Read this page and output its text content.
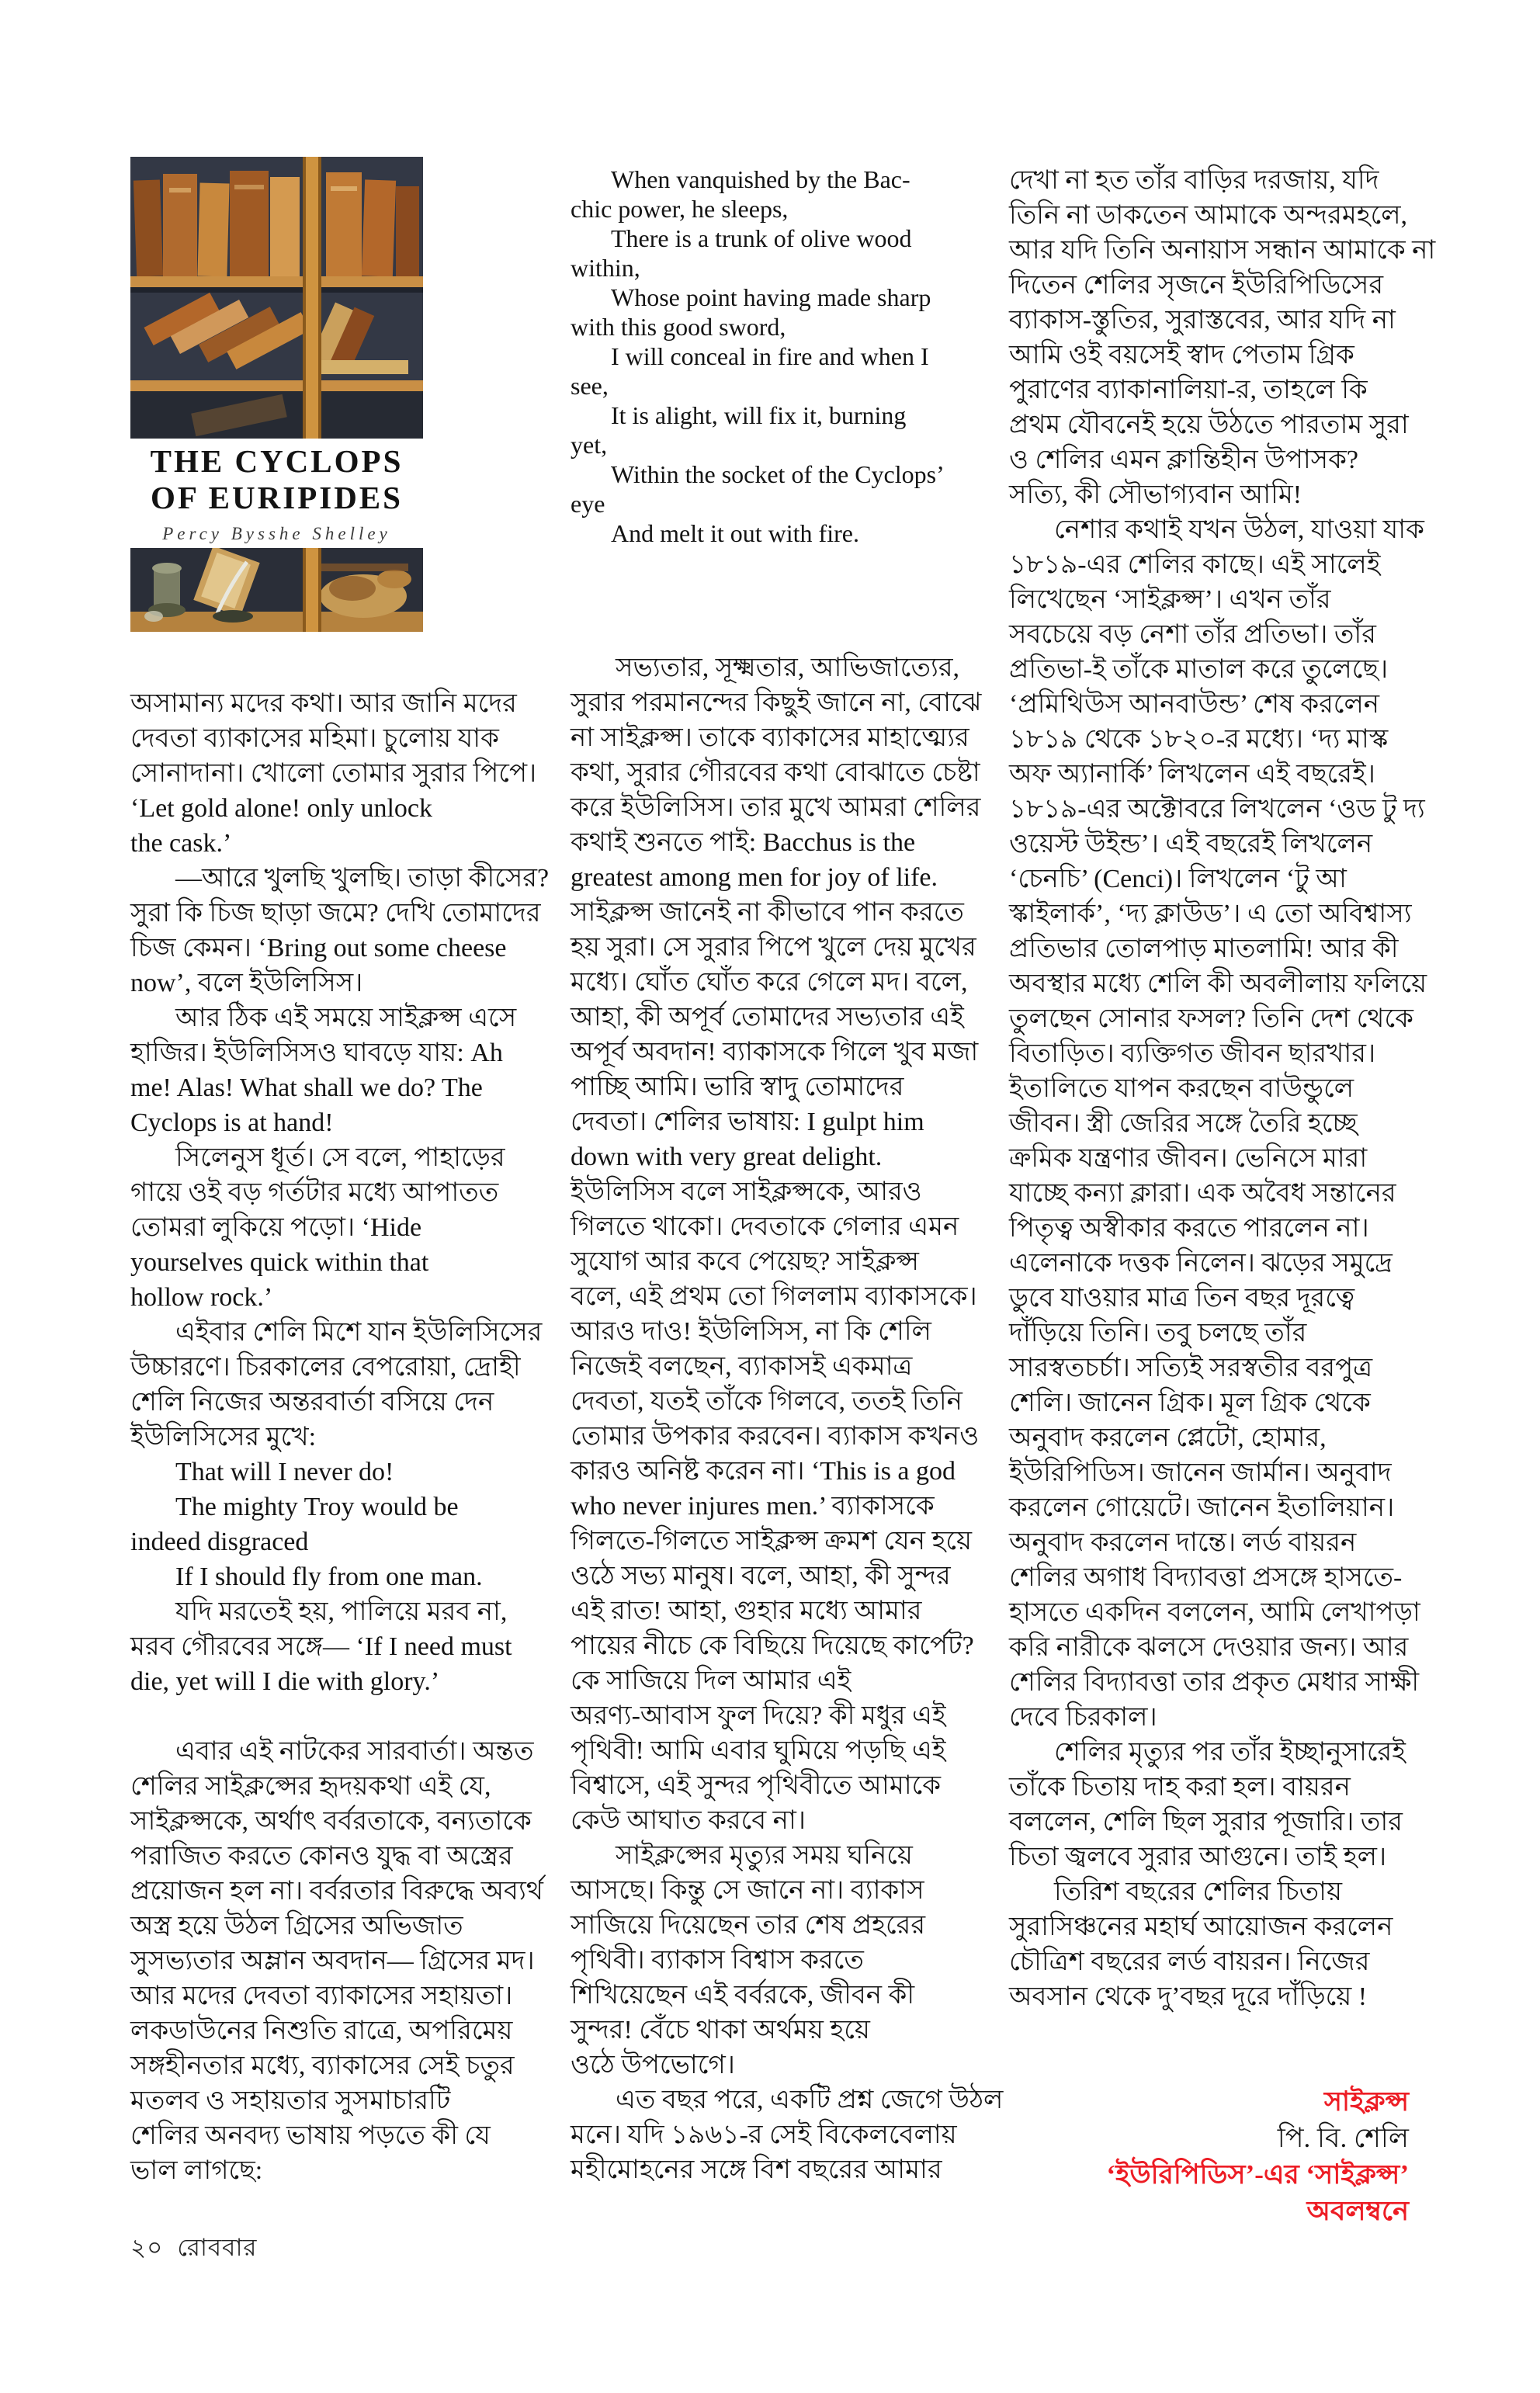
THE CYCLOPS
OF EURIPIDES
Percy Bysshe Shelley
অসামান্য মদের কথা। আর জানি মদের
দেবতা ব্যাকাসের মহিমা। চুলোয় যাক
সোনাদানা। খোলো তোমার সুরার পিপে।
‘Let gold alone! only unlock
the cask.’
—আরে খুলছি খুলছি। তাড়া কীসের?
সুরা কি চিজ ছাড়া জমে? দেখি তোমাদের
চিজ কেমন। ‘Bring out some cheese
now’, বলে ইউলিসিস।
আর ঠিক এই সময়ে সাইক্লপ্স এসে
হাজির। ইউলিসিসও ঘাবড়ে যায়: Ah
me! Alas! What shall we do? The
Cyclops is at hand!
সিলেনুস ধূর্ত। সে বলে, পাহাড়ের
গায়ে ওই বড় গর্তটার মধ্যে আপাতত
তোমরা লুকিয়ে পড়ো। ‘Hide
yourselves quick within that
hollow rock.’
এইবার শেলি মিশে যান ইউলিসিসের
উচ্চারণে। চিরকালের বেপরোয়া, দ্রোহী
শেলি নিজের অন্তরবার্তা বসিয়ে দেন
ইউলিসিসের মুখে:
That will I never do!
The mighty Troy would be
indeed disgraced
If I should fly from one man.
যদি মরতেই হয়, পালিয়ে মরব না,
মরব গৌরবের সঙ্গে— ‘If I need must
die, yet will I die with glory.’

এবার এই নাটকের সারবার্তা। অন্তত
শেলির সাইক্লপ্সের হৃদয়কথা এই যে,
সাইক্লপ্সকে, অর্থাৎ বর্বরতাকে, বন্যতাকে
পরাজিত করতে কোনও যুদ্ধ বা অস্ত্রের
প্রয়োজন হল না। বর্বরতার বিরুদ্ধে অব্যর্থ
অস্ত্র হয়ে উঠল গ্রিসের অভিজাত
সুসভ্যতার অম্লান অবদান— গ্রিসের মদ।
আর মদের দেবতা ব্যাকাসের সহায়তা।
লকডাউনের নিশুতি রাত্রে, অপরিমেয়
সঙ্গহীনতার মধ্যে, ব্যাকাসের সেই চতুর
মতলব ও সহায়তার সুসমাচারটি
শেলির অনবদ্য ভাষায় পড়তে কী যে
ভাল লাগছে:
When vanquished by the Bac-
chic power, he sleeps,
There is a trunk of olive wood
within,
Whose point having made sharp
with this good sword,
I will conceal in fire and when I
see,
It is alight, will fix it, burning
yet,
Within the socket of the Cyclops’
eye
And melt it out with fire.
সভ্যতার, সূক্ষ্মতার, আভিজাত্যের,
সুরার পরমানন্দের কিছুই জানে না, বোঝে
না সাইক্লপ্স। তাকে ব্যাকাসের মাহাত্ম্যের
কথা, সুরার গৌরবের কথা বোঝাতে চেষ্টা
করে ইউলিসিস। তার মুখে আমরা শেলির
কথাই শুনতে পাই: Bacchus is the
greatest among men for joy of life.
সাইক্লপ্স জানেই না কীভাবে পান করতে
হয় সুরা। সে সুরার পিপে খুলে দেয় মুখের
মধ্যে। ঘোঁত ঘোঁত করে গেলে মদ। বলে,
আহা, কী অপূর্ব তোমাদের সভ্যতার এই
অপূর্ব অবদান! ব্যাকাসকে গিলে খুব মজা
পাচ্ছি আমি। ভারি স্বাদু তোমাদের
দেবতা। শেলির ভাষায়: I gulpt him
down with very great delight.
ইউলিসিস বলে সাইক্লপ্সকে, আরও
গিলতে থাকো। দেবতাকে গেলার এমন
সুযোগ আর কবে পেয়েছ? সাইক্লপ্স
বলে, এই প্রথম তো গিললাম ব্যাকাসকে।
আরও দাও! ইউলিসিস, না কি শেলি
নিজেই বলছেন, ব্যাকাসই একমাত্র
দেবতা, যতই তাঁকে গিলবে, ততই তিনি
তোমার উপকার করবেন। ব্যাকাস কখনও
কারও অনিষ্ট করেন না। ‘This is a god
who never injures men.’ ব্যাকাসকে
গিলতে-গিলতে সাইক্লপ্স ক্রমশ যেন হয়ে
ওঠে সভ্য মানুষ। বলে, আহা, কী সুন্দর
এই রাত! আহা, গুহার মধ্যে আমার
পায়ের নীচে কে বিছিয়ে দিয়েছে কার্পেট?
কে সাজিয়ে দিল আমার এই
অরণ্য-আবাস ফুল দিয়ে? কী মধুর এই
পৃথিবী! আমি এবার ঘুমিয়ে পড়ছি এই
বিশ্বাসে, এই সুন্দর পৃথিবীতে আমাকে
কেউ আঘাত করবে না।
সাইক্লপ্সের মৃত্যুর সময় ঘনিয়ে
আসছে। কিন্তু সে জানে না। ব্যাকাস
সাজিয়ে দিয়েছেন তার শেষ প্রহরের
পৃথিবী। ব্যাকাস বিশ্বাস করতে
শিখিয়েছেন এই বর্বরকে, জীবন কী
সুন্দর! বেঁচে থাকা অর্থময় হয়ে
ওঠে উপভোগে।
এত বছর পরে, একটি প্রশ্ন জেগে উঠল
মনে। যদি ১৯৬১-র সেই বিকেলবেলায়
মহীমোহনের সঙ্গে বিশ বছরের আমার
দেখা না হত তাঁর বাড়ির দরজায়, যদি
তিনি না ডাকতেন আমাকে অন্দরমহলে,
আর যদি তিনি অনায়াস সন্ধান আমাকে না
দিতেন শেলির সৃজনে ইউরিপিডিসের
ব্যাকাস-স্তুতির, সুরাস্তবের, আর যদি না
আমি ওই বয়সেই স্বাদ পেতাম গ্রিক
পুরাণের ব্যাকানালিয়া-র, তাহলে কি
প্রথম যৌবনেই হয়ে উঠতে পারতাম সুরা
ও শেলির এমন ক্লান্তিহীন উপাসক?
সত্যি, কী সৌভাগ্যবান আমি!
নেশার কথাই যখন উঠল, যাওয়া যাক
১৮১৯-এর শেলির কাছে। এই সালেই
লিখেছেন ‘সাইক্লপ্স’। এখন তাঁর
সবচেয়ে বড় নেশা তাঁর প্রতিভা। তাঁর
প্রতিভা-ই তাঁকে মাতাল করে তুলেছে।
‘প্রমিথিউস আনবাউন্ড’ শেষ করলেন
১৮১৯ থেকে ১৮২০-র মধ্যে। ‘দ্য মাস্ক
অফ অ্যানার্কি’ লিখলেন এই বছরেই।
১৮১৯-এর অক্টোবরে লিখলেন ‘ওড টু দ্য
ওয়েস্ট উইন্ড’। এই বছরেই লিখলেন
‘চেনচি’ (Cenci)। লিখলেন ‘টু আ
স্কাইলার্ক’, ‘দ্য ক্লাউড’। এ তো অবিশ্বাস্য
প্রতিভার তোলপাড় মাতলামি! আর কী
অবস্থার মধ্যে শেলি কী অবলীলায় ফলিয়ে
তুলছেন সোনার ফসল? তিনি দেশ থেকে
বিতাড়িত। ব্যক্তিগত জীবন ছারখার।
ইতালিতে যাপন করছেন বাউন্ডুলে
জীবন। স্ত্রী জেরির সঙ্গে তৈরি হচ্ছে
ক্রমিক যন্ত্রণার জীবন। ভেনিসে মারা
যাচ্ছে কন্যা ক্লারা। এক অবৈধ সন্তানের
পিতৃত্ব অস্বীকার করতে পারলেন না।
এলেনাকে দত্তক নিলেন। ঝড়ের সমুদ্রে
ডুবে যাওয়ার মাত্র তিন বছর দূরত্বে
দাঁড়িয়ে তিনি। তবু চলছে তাঁর
সারস্বতচর্চা। সত্যিই সরস্বতীর বরপুত্র
শেলি। জানেন গ্রিক। মূল গ্রিক থেকে
অনুবাদ করলেন প্লেটো, হোমার,
ইউরিপিডিস। জানেন জার্মান। অনুবাদ
করলেন গোয়েটে। জানেন ইতালিয়ান।
অনুবাদ করলেন দান্তে। লর্ড বায়রন
শেলির অগাধ বিদ্যাবত্তা প্রসঙ্গে হাসতে-
হাসতে একদিন বললেন, আমি লেখাপড়া
করি নারীকে ঝলসে দেওয়ার জন্য। আর
শেলির বিদ্যাবত্তা তার প্রকৃত মেধার সাক্ষী
দেবে চিরকাল।
শেলির মৃত্যুর পর তাঁর ইচ্ছানুসারেই
তাঁকে চিতায় দাহ করা হল। বায়রন
বললেন, শেলি ছিল সুরার পূজারি। তার
চিতা জ্বলবে সুরার আগুনে। তাই হল।
তিরিশ বছরের শেলির চিতায়
সুরাসিঞ্চনের মহার্ঘ আয়োজন করলেন
চৌত্রিশ বছরের লর্ড বায়রন। নিজের
অবসান থেকে দু’বছর দূরে দাঁড়িয়ে !
সাইক্লপ্স
পি. বি. শেলি
‘ইউরিপিডিস’-এর ‘সাইক্লপ্স’ অবলম্বনে
২০ রোববার
